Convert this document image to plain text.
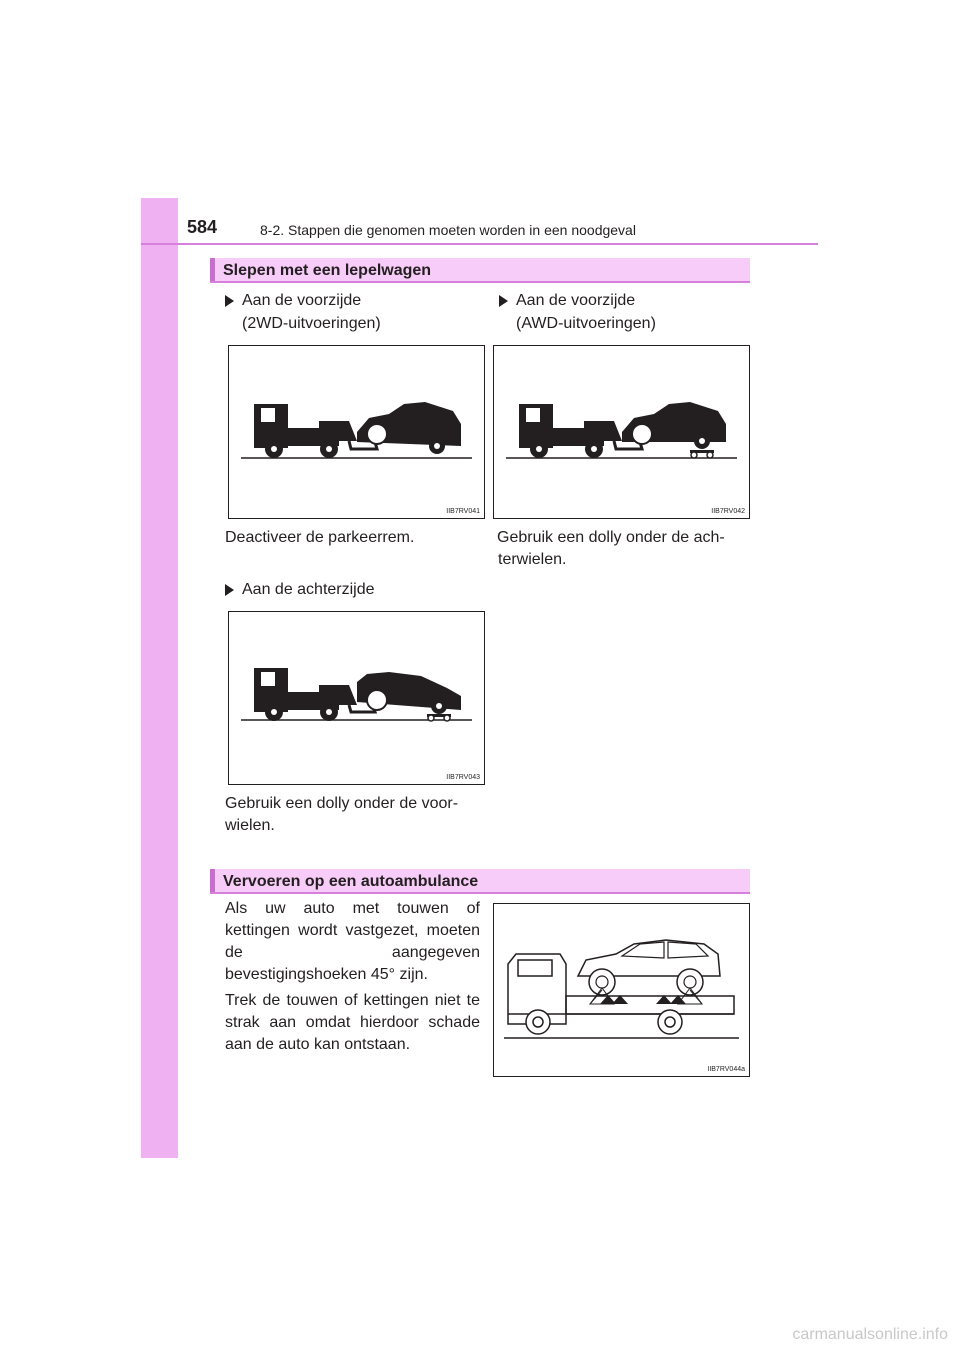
584	8-2. Stappen die genomen moeten worden in een noodgeval
Slepen met een lepelwagen
Aan de voorzijde
(2WD-uitvoeringen)
Aan de voorzijde
(AWD-uitvoeringen)
IIB7RV041	IIB7RV042
Deactiveer de parkeerrem.	Gebruik een dolly onder de ach-
terwielen.
Aan de achterzijde
IIB7RV043
Gebruik een dolly onder de voor-
wielen.
Vervoeren op een autoambulance
Als uw auto met touwen of kettingen wordt vastgezet, moeten de aangegeven bevestigingshoeken 45° zijn.
Trek de touwen of kettingen niet te strak aan omdat hierdoor schade aan de auto kan ontstaan.
IIB7RV044a
carmanualsonline.info
